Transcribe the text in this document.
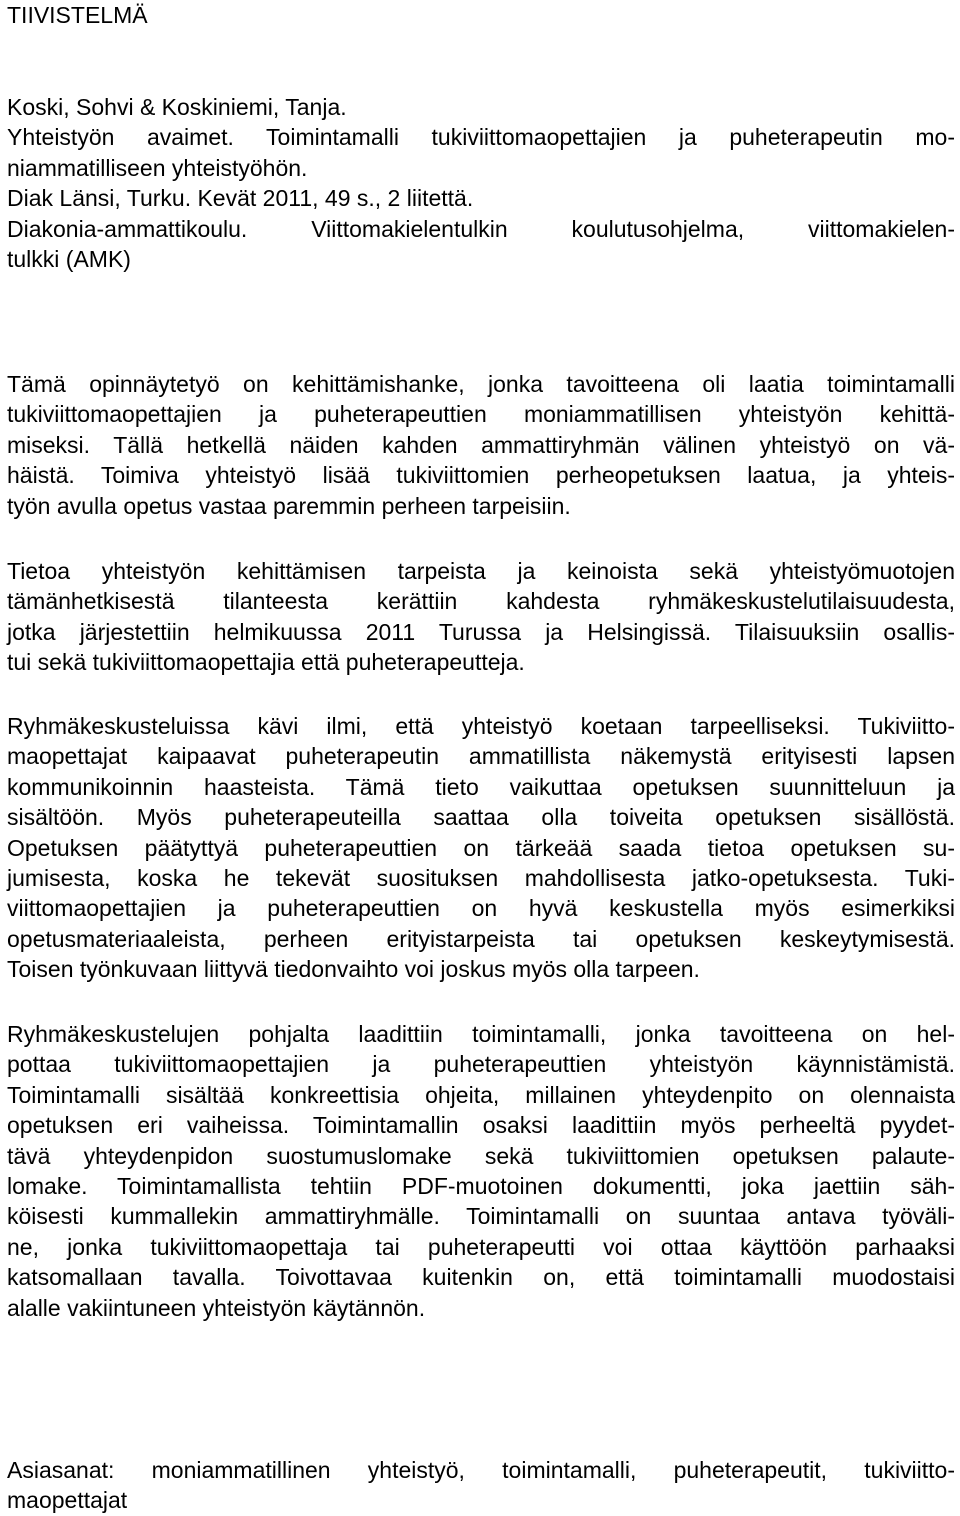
TIIVISTELMÄ
Koski, Sohvi & Koskiniemi, Tanja.
Yhteistyön avaimet. Toimintamalli tukiviittomaopettajien ja puheterapeutin mo-
niammatilliseen yhteistyöhön.
Diak Länsi, Turku. Kevät 2011, 49 s., 2 liitettä.
Diakonia-ammattikoulu. Viittomakielentulkin koulutusohjelma, viittomakielen-
tulkki (AMK)
Tämä opinnäytetyö on kehittämishanke, jonka tavoitteena oli laatia toimintamalli
tukiviittomaopettajien ja puheterapeuttien moniammatillisen yhteistyön kehittä-
miseksi. Tällä hetkellä näiden kahden ammattiryhmän välinen yhteistyö on vä-
häistä. Toimiva yhteistyö lisää tukiviittomien perheopetuksen laatua, ja yhteis-
työn avulla opetus vastaa paremmin perheen tarpeisiin.
Tietoa yhteistyön kehittämisen tarpeista ja keinoista sekä yhteistyömuotojen
tämänhetkisestä tilanteesta kerättiin kahdesta ryhmäkeskustelutilaisuudesta,
jotka järjestettiin helmikuussa 2011 Turussa ja Helsingissä. Tilaisuuksiin osallis-
tui sekä tukiviittomaopettajia että puheterapeutteja.
Ryhmäkeskusteluissa kävi ilmi, että yhteistyö koetaan tarpeelliseksi. Tukiviitto-
maopettajat kaipaavat puheterapeutin ammatillista näkemystä erityisesti lapsen
kommunikoinnin haasteista. Tämä tieto vaikuttaa opetuksen suunnitteluun ja
sisältöön. Myös puheterapeuteilla saattaa olla toiveita opetuksen sisällöstä.
Opetuksen päätyttyä puheterapeuttien on tärkeää saada tietoa opetuksen su-
jumisesta, koska he tekevät suosituksen mahdollisesta jatko-opetuksesta. Tuki-
viittomaopettajien ja puheterapeuttien on hyvä keskustella myös esimerkiksi
opetusmateriaaleista, perheen erityistarpeista tai opetuksen keskeytymisestä.
Toisen työnkuvaan liittyvä tiedonvaihto voi joskus myös olla tarpeen.
Ryhmäkeskustelujen pohjalta laadittiin toimintamalli, jonka tavoitteena on hel-
pottaa tukiviittomaopettajien ja puheterapeuttien yhteistyön käynnistämistä.
Toimintamalli sisältää konkreettisia ohjeita, millainen yhteydenpito on olennaista
opetuksen eri vaiheissa. Toimintamallin osaksi laadittiin myös perheeltä pyydet-
tävä yhteydenpidon suostumuslomake sekä tukiviittomien opetuksen palaute-
lomake. Toimintamallista tehtiin PDF-muotoinen dokumentti, joka jaettiin säh-
köisesti kummallekin ammattiryhmälle. Toimintamalli on suuntaa antava työväli-
ne, jonka tukiviittomaopettaja tai puheterapeutti voi ottaa käyttöön parhaaksi
katsomallaan tavalla. Toivottavaa kuitenkin on, että toimintamalli muodostaisi
alalle vakiintuneen yhteistyön käytännön.
Asiasanat: moniammatillinen yhteistyö, toimintamalli, puheterapeutit, tukiviitto-
maopettajat
